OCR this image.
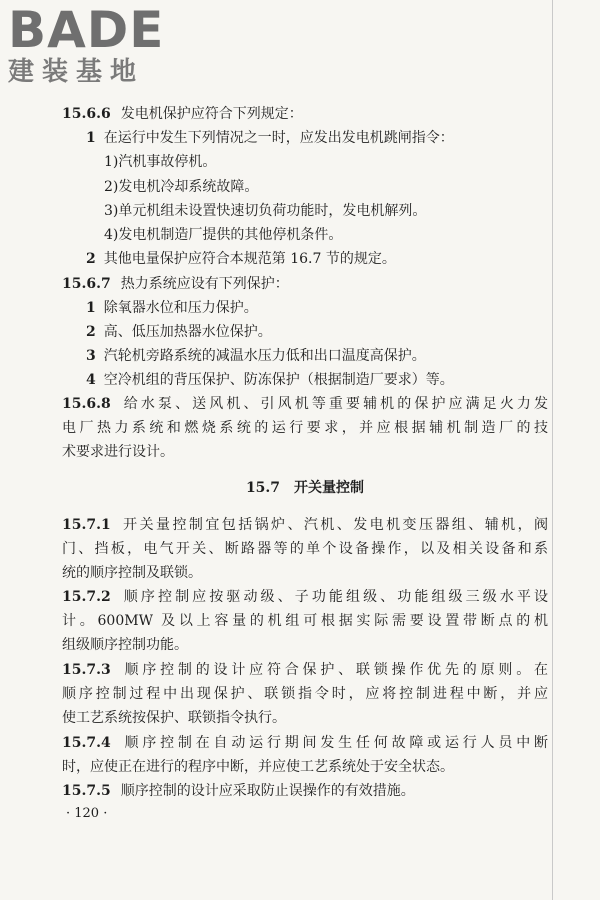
BADE
建装基地
15.6.6 发电机保护应符合下列规定：
1 在运行中发生下列情况之一时，应发出发电机跳闸指令：
1)汽机事故停机。
2)发电机冷却系统故障。
3)单元机组未设置快速切负荷功能时，发电机解列。
4)发电机制造厂提供的其他停机条件。
2 其他电量保护应符合本规范第 16.7 节的规定。
15.6.7 热力系统应设有下列保护：
1 除氧器水位和压力保护。
2 高、低压加热器水位保护。
3 汽轮机旁路系统的减温水压力低和出口温度高保护。
4 空冷机组的背压保护、防冻保护（根据制造厂要求）等。
15.6.8 给水泵、送风机、引风机等重要辅机的保护应满足火力发
电厂热力系统和燃烧系统的运行要求，并应根据辅机制造厂的技
术要求进行设计。
15.7　开关量控制
15.7.1 开关量控制宜包括锅炉、汽机、发电机变压器组、辅机，阀
门、挡板，电气开关、断路器等的单个设备操作，以及相关设备和系
统的顺序控制及联锁。
15.7.2 顺序控制应按驱动级、子功能组级、功能组级三级水平设
计。600MW 及以上容量的机组可根据实际需要设置带断点的机
组级顺序控制功能。
15.7.3 顺序控制的设计应符合保护、联锁操作优先的原则。在
顺序控制过程中出现保护、联锁指令时，应将控制进程中断，并应
使工艺系统按保护、联锁指令执行。
15.7.4 顺序控制在自动运行期间发生任何故障或运行人员中断
时，应使正在进行的程序中断，并应使工艺系统处于安全状态。
15.7.5 顺序控制的设计应采取防止误操作的有效措施。
· 120 ·
